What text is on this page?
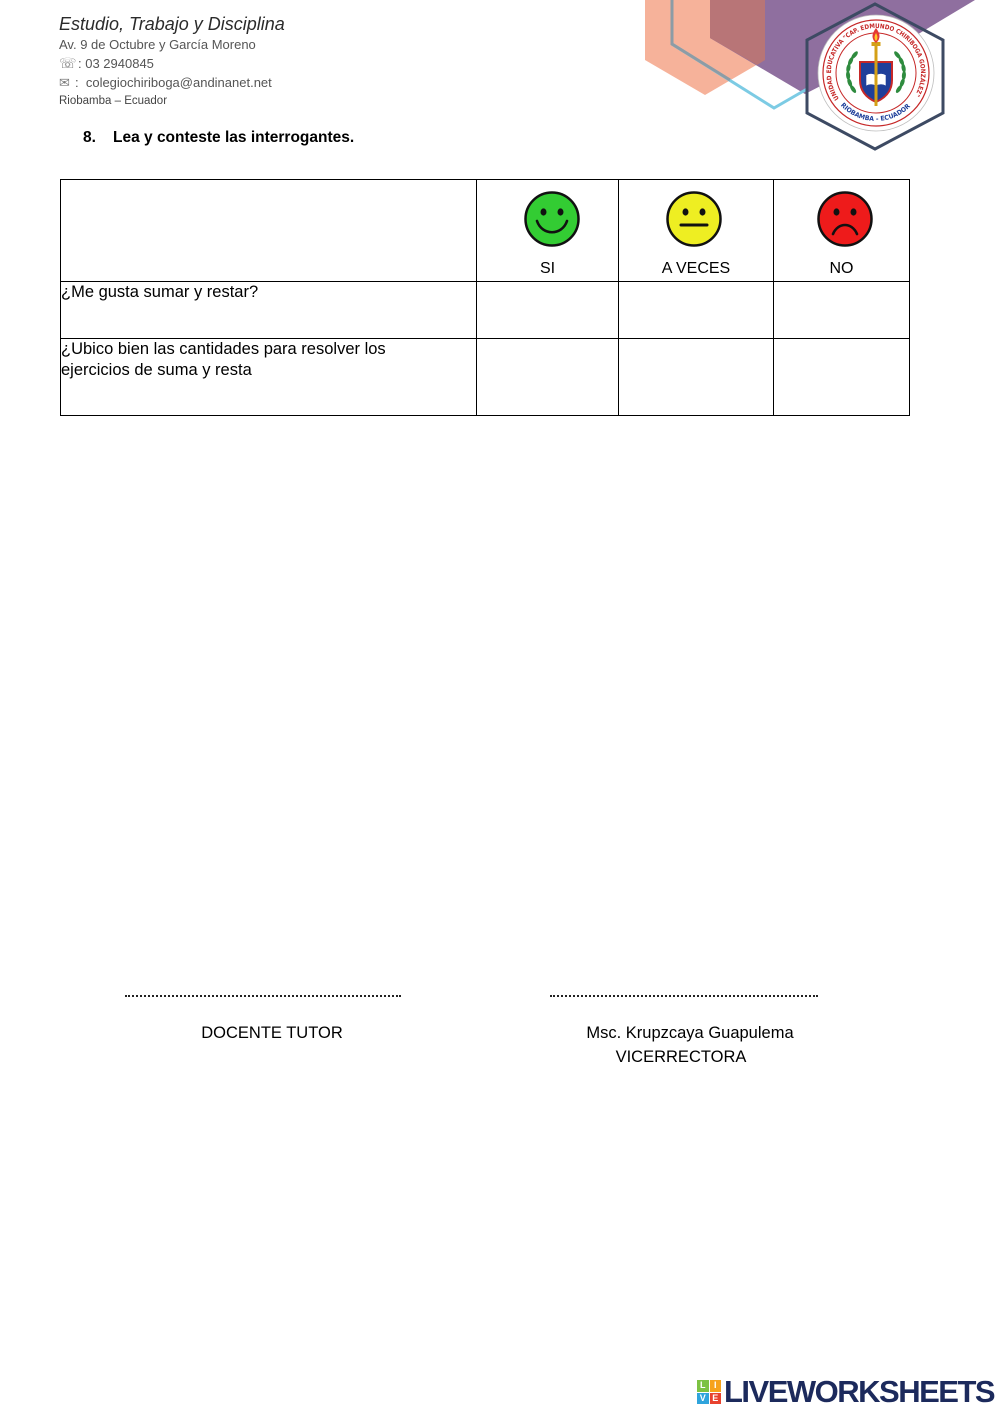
Estudio, Trabajo y Disciplina
Av. 9 de Octubre y García Moreno
☏: 03 2940845
✉ :  colegiochiriboga@andinanet.net
Riobamba – Ecuador	UNIDAD EDUCATIVA "CAP. EDMUNDO CHIRIBOGA GONZÁLEZ"
RIOBAMBA - ECUADOR
8. Lea y conteste las interrogantes.

	SI	A VECES	NO

¿Me gusta sumar y restar?			

¿Ubico bien las cantidades para resolver los ejercicios de suma y resta			

DOCENTE TUTOR	Msc. Krupzcaya Guapulema
VICERRECTORA
L I
V E LIVEWORKSHEETS
